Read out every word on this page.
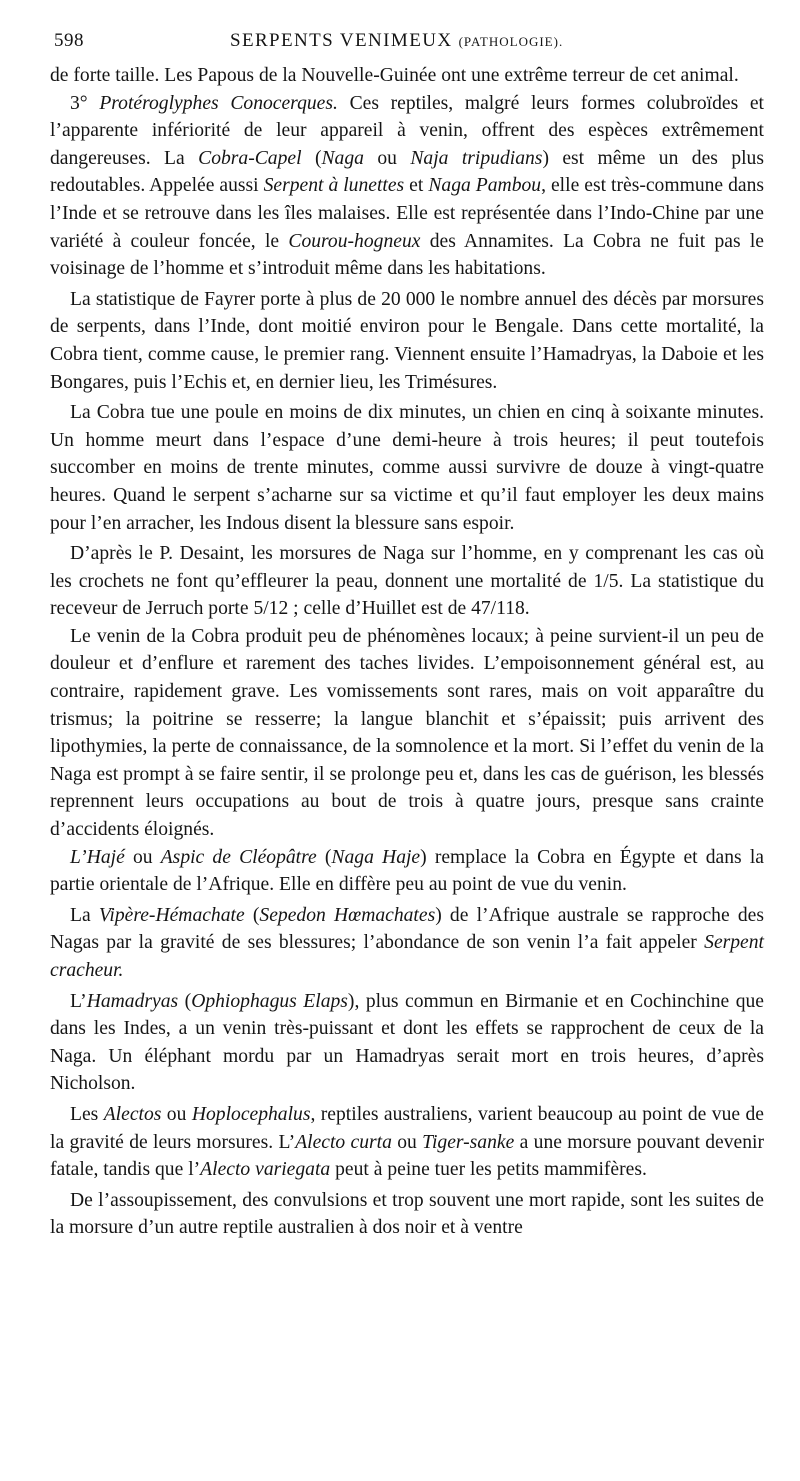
598	SERPENTS VENIMEUX (PATHOLOGIE).

de forte taille. Les Papous de la Nouvelle-Guinée ont une extrême terreur de cet animal.

3° Protéroglyphes Conocerques. Ces reptiles, malgré leurs formes colubroïdes et l’apparente infériorité de leur appareil à venin, offrent des espèces extrêmement dangereuses. La Cobra-Capel (Naga ou Naja tripudians) est même un des plus redoutables. Appelée aussi Serpent à lunettes et Naga Pambou, elle est très-commune dans l’Inde et se retrouve dans les îles malaises. Elle est représentée dans l’Indo-Chine par une variété à couleur foncée, le Courou-hogneux des Annamites. La Cobra ne fuit pas le voisinage de l’homme et s’introduit même dans les habitations.

La statistique de Fayrer porte à plus de 20 000 le nombre annuel des décès par morsures de serpents, dans l’Inde, dont moitié environ pour le Bengale. Dans cette mortalité, la Cobra tient, comme cause, le premier rang. Viennent ensuite l’Hamadryas, la Daboie et les Bongares, puis l’Echis et, en dernier lieu, les Trimésures.

La Cobra tue une poule en moins de dix minutes, un chien en cinq à soixante minutes. Un homme meurt dans l’espace d’une demi-heure à trois heures; il peut toutefois succomber en moins de trente minutes, comme aussi survivre de douze à vingt-quatre heures. Quand le serpent s’acharne sur sa victime et qu’il faut employer les deux mains pour l’en arracher, les Indous disent la blessure sans espoir.

D’après le P. Desaint, les morsures de Naga sur l’homme, en y comprenant les cas où les crochets ne font qu’effleurer la peau, donnent une mortalité de 1/5. La statistique du receveur de Jerruch porte 5/12 ; celle d’Huillet est de 47/118.

Le venin de la Cobra produit peu de phénomènes locaux; à peine survient-il un peu de douleur et d’enflure et rarement des taches livides. L’empoisonnement général est, au contraire, rapidement grave. Les vomissements sont rares, mais on voit apparaître du trismus; la poitrine se resserre; la langue blanchit et s’épaissit; puis arrivent des lipothymies, la perte de connaissance, de la somnolence et la mort. Si l’effet du venin de la Naga est prompt à se faire sentir, il se prolonge peu et, dans les cas de guérison, les blessés reprennent leurs occupations au bout de trois à quatre jours, presque sans crainte d’accidents éloignés.

L’Hajé ou Aspic de Cléopâtre (Naga Haje) remplace la Cobra en Égypte et dans la partie orientale de l’Afrique. Elle en diffère peu au point de vue du venin.

La Vipère-Hémachate (Sepedon Hœmachates) de l’Afrique australe se rapproche des Nagas par la gravité de ses blessures; l’abondance de son venin l’a fait appeler Serpent cracheur.

L’Hamadryas (Ophiophagus Elaps), plus commun en Birmanie et en Cochinchine que dans les Indes, a un venin très-puissant et dont les effets se rapprochent de ceux de la Naga. Un éléphant mordu par un Hamadryas serait mort en trois heures, d’après Nicholson.

Les Alectos ou Hoplocephalus, reptiles australiens, varient beaucoup au point de vue de la gravité de leurs morsures. L’Alecto curta ou Tiger-sanke a une morsure pouvant devenir fatale, tandis que l’Alecto variegata peut à peine tuer les petits mammifères.

De l’assoupissement, des convulsions et trop souvent une mort rapide, sont les suites de la morsure d’un autre reptile australien à dos noir et à ventre
